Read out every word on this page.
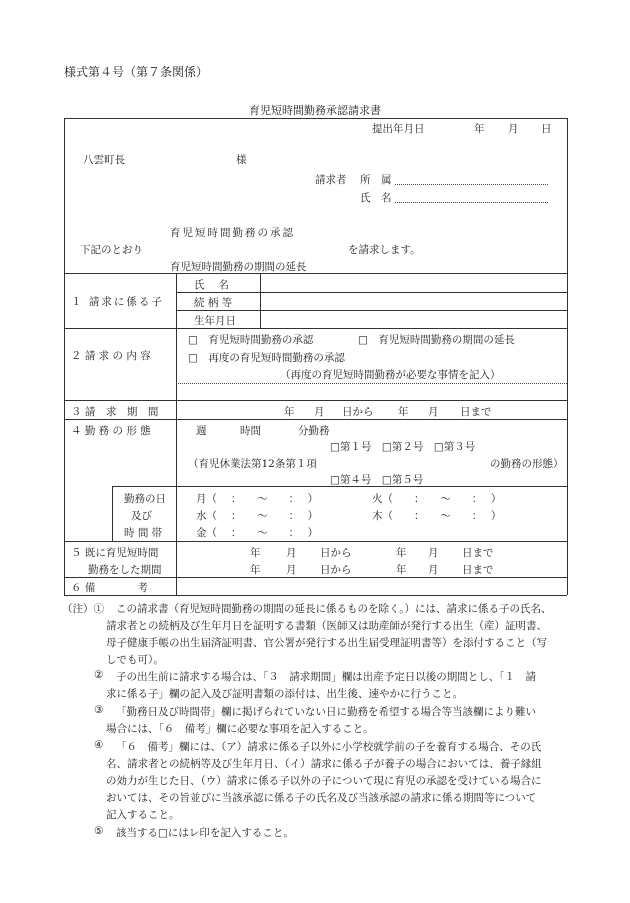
様式第４号（第７条関係）
育児短時間勤務承認請求書
提出年月日	年 月 日
八雲町長	様
請求者 所　属
氏　名
育児短時間勤務の承認
下記のとおり	を請求します。
育児短時間勤務の期間の延長
１ 請求に係る子
氏　 名
続 柄 等
生年月日
２ 請 求 の 内 容
□　育児短時間勤務の承認	□　育児短時間勤務の期間の延長
□　再度の育児短時間勤務の承認
（再度の育児短時間勤務が必要な事情を記入）
３ 請　求　期　間	年 月 日から 年 月 日まで
４ 勤 務 の 形 態	週	時間	分勤務
□第１号　□第２号　□第３号
（育児休業法第12条第１項	の勤務の形態）
□第４号　□第５号
勤務の日
及び
時 間 帯
月（　 ：　　〜　　：　 ）	火（　　：　　〜　　：　 ）
水（　 ：　　〜　　：　 ）	木（　　：　　〜　　：　 ）
金（　 ：　　〜　　：　 ）
５ 既に育児短時間
勤務をした期間
年 月 日から	年 月 日まで
年 月 日から	年 月 日まで
６ 備　　　　考
（注）① この請求書（育児短時間勤務の期間の延長に係るものを除く。）には、請求に係る子の氏名、
請求者との続柄及び生年月日を証明する書類（医師又は助産師が発行する出生（産）証明書、
母子健康手帳の出生届済証明書、官公署が発行する出生届受理証明書等）を添付すること（写
しでも可）。
② 子の出生前に請求する場合は、「３　請求期間」欄は出産予定日以後の期間とし、「１　請
求に係る子」欄の記入及び証明書類の添付は、出生後、速やかに行うこと。
③ 「勤務日及び時間帯」欄に掲げられていない日に勤務を希望する場合等当該欄により難い
場合には、「６　備考」欄に必要な事項を記入すること。
④ 「６　備考」欄には、（ア）請求に係る子以外に小学校就学前の子を養育する場合、その氏
名、請求者との続柄等及び生年月日、（イ）請求に係る子が養子の場合においては、養子縁組
の効力が生じた日、（ウ）請求に係る子以外の子について現に育児の承認を受けている場合に
おいては、その旨並びに当該承認に係る子の氏名及び当該承認の請求に係る期間等について
記入すること。
⑤ 該当する□にはレ印を記入すること。
